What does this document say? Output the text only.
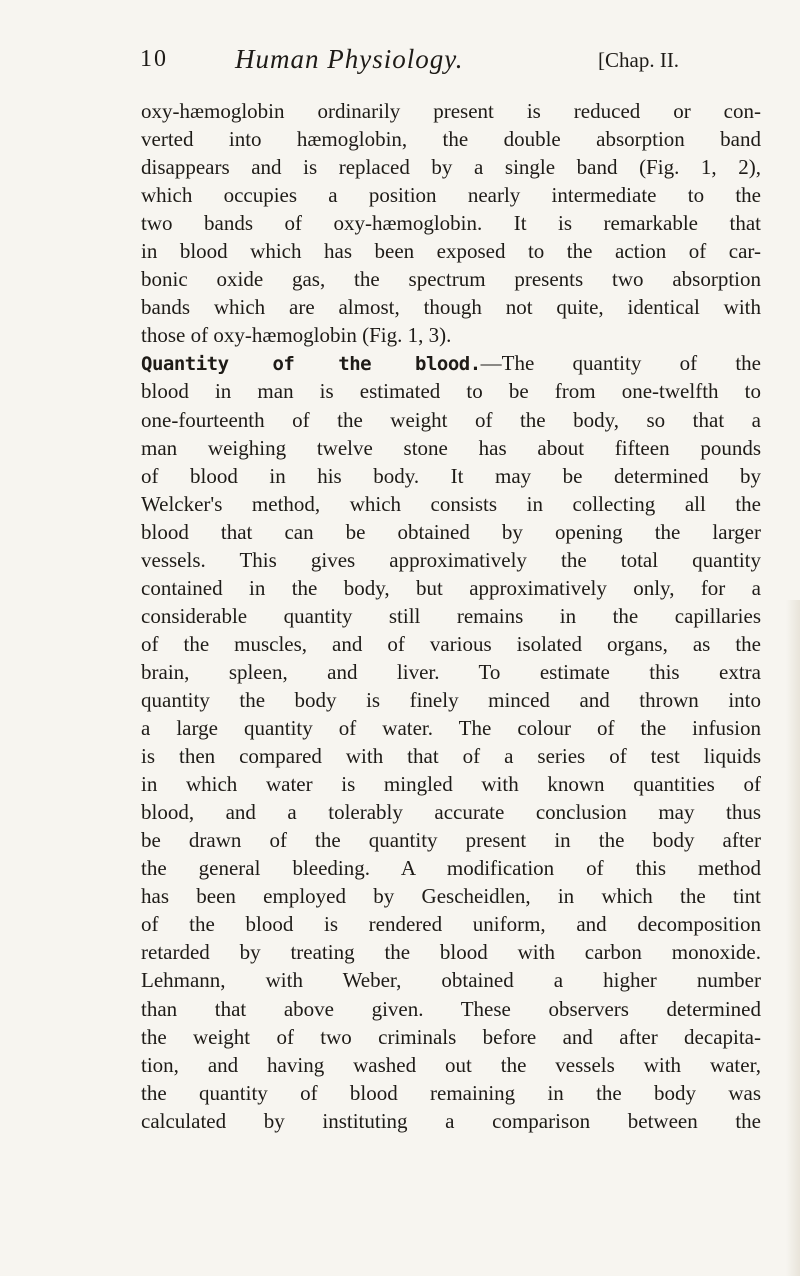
10 Human Physiology.	[Chap. II.
oxy-hæmoglobin ordinarily present is reduced or con-
verted into hæmoglobin, the double absorption band
disappears and is replaced by a single band (Fig. 1, 2),
which occupies a position nearly intermediate to the
two bands of oxy-hæmoglobin. It is remarkable that
in blood which has been exposed to the action of car-
bonic oxide gas, the spectrum presents two absorption
bands which are almost, though not quite, identical with
those of oxy-hæmoglobin (Fig. 1, 3).
Quantity of the blood.—The quantity of the
blood in man is estimated to be from one-twelfth to
one-fourteenth of the weight of the body, so that a
man weighing twelve stone has about fifteen pounds
of blood in his body. It may be determined by
Welcker's method, which consists in collecting all the
blood that can be obtained by opening the larger
vessels. This gives approximatively the total quantity
contained in the body, but approximatively only, for a
considerable quantity still remains in the capillaries
of the muscles, and of various isolated organs, as the
brain, spleen, and liver. To estimate this extra
quantity the body is finely minced and thrown into
a large quantity of water. The colour of the infusion
is then compared with that of a series of test liquids
in which water is mingled with known quantities of
blood, and a tolerably accurate conclusion may thus
be drawn of the quantity present in the body after
the general bleeding. A modification of this method
has been employed by Gescheidlen, in which the tint
of the blood is rendered uniform, and decomposition
retarded by treating the blood with carbon monoxide.
Lehmann, with Weber, obtained a higher number
than that above given. These observers determined
the weight of two criminals before and after decapita-
tion, and having washed out the vessels with water,
the quantity of blood remaining in the body was
calculated by instituting a comparison between the
